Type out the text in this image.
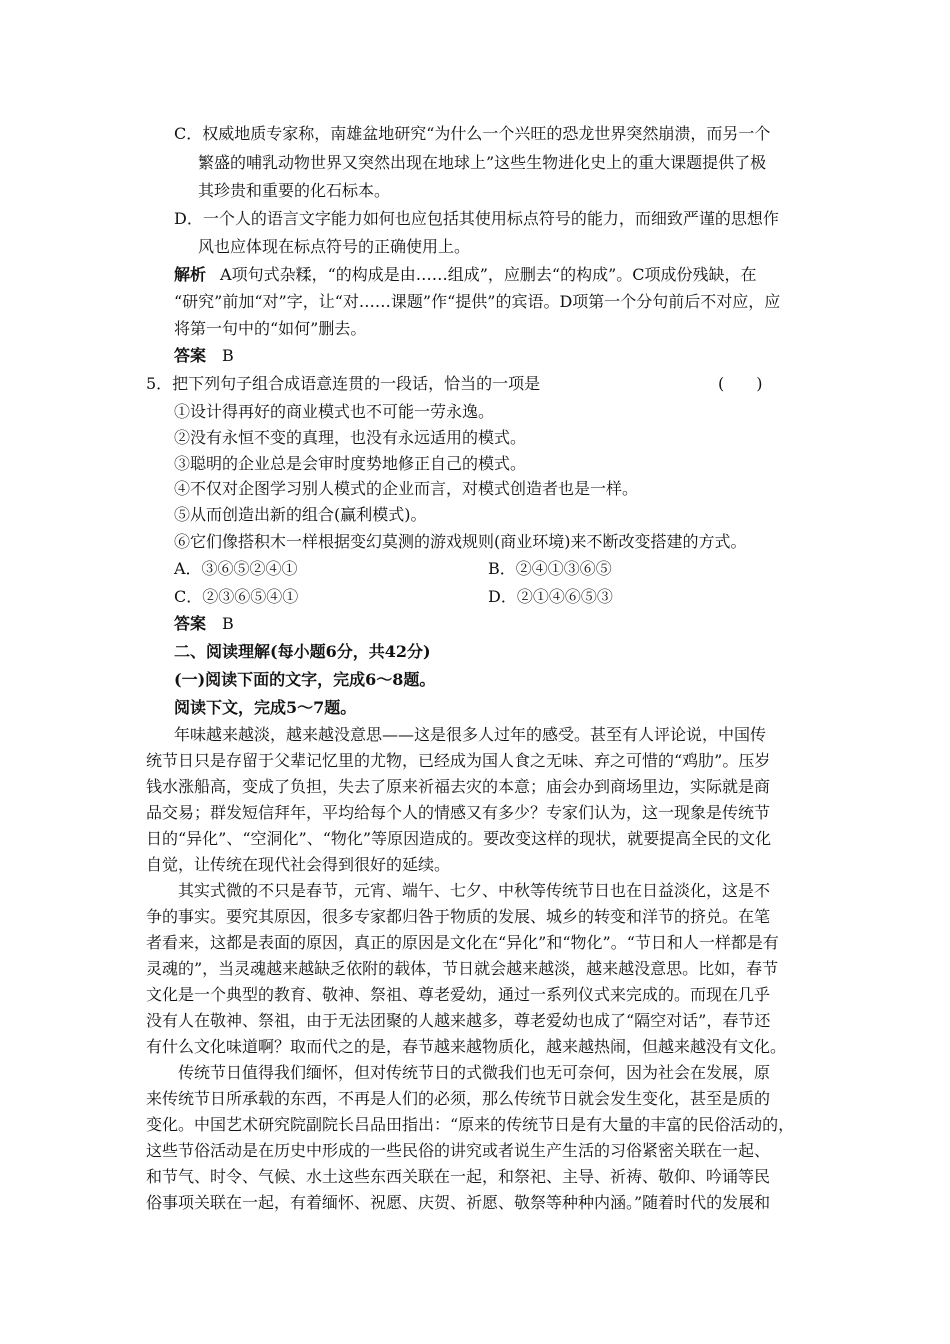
C．权威地质专家称，南雄盆地研究“为什么一个兴旺的恐龙世界突然崩溃，而另一个
繁盛的哺乳动物世界又突然出现在地球上”这些生物进化史上的重大课题提供了极
其珍贵和重要的化石标本。
D．一个人的语言文字能力如何也应包括其使用标点符号的能力，而细致严谨的思想作
风也应体现在标点符号的正确使用上。
解析 A项句式杂糅，“的构成是由……组成”，应删去“的构成”。C项成份残缺，在
“研究”前加“对”字，让“对……课题”作“提供”的宾语。D项第一个分句前后不对应，应
将第一句中的“如何”删去。
答案 B
5．把下列句子组合成语意连贯的一段话，恰当的一项是	(　　)
①设计得再好的商业模式也不可能一劳永逸。
②没有永恒不变的真理，也没有永远适用的模式。
③聪明的企业总是会审时度势地修正自己的模式。
④不仅对企图学习别人模式的企业而言，对模式创造者也是一样。
⑤从而创造出新的组合(赢利模式)。
⑥它们像搭积木一样根据变幻莫测的游戏规则(商业环境)来不断改变搭建的方式。
A．③⑥⑤②④①	B．②④①③⑥⑤
C．②③⑥⑤④①	D．②①④⑥⑤③
答案 B
二、阅读理解(每小题6分，共42分)
(一)阅读下面的文字，完成6～8题。
阅读下文，完成5～7题。
年味越来越淡，越来越没意思——这是很多人过年的感受。甚至有人评论说，中国传
统节日只是存留于父辈记忆里的尤物，已经成为国人食之无味、弃之可惜的“鸡肋”。压岁
钱水涨船高，变成了负担，失去了原来祈福去灾的本意；庙会办到商场里边，实际就是商
品交易；群发短信拜年，平均给每个人的情感又有多少？专家们认为，这一现象是传统节
日的“异化”、“空洞化”、“物化”等原因造成的。要改变这样的现状，就要提高全民的文化
自觉，让传统在现代社会得到很好的延续。
其实式微的不只是春节，元宵、端午、七夕、中秋等传统节日也在日益淡化，这是不
争的事实。要究其原因，很多专家都归咎于物质的发展、城乡的转变和洋节的挤兑。在笔
者看来，这都是表面的原因，真正的原因是文化在“异化”和“物化”。“节日和人一样都是有
灵魂的”，当灵魂越来越缺乏依附的载体，节日就会越来越淡，越来越没意思。比如，春节
文化是一个典型的教育、敬神、祭祖、尊老爱幼，通过一系列仪式来完成的。而现在几乎
没有人在敬神、祭祖，由于无法团聚的人越来越多，尊老爱幼也成了“隔空对话”，春节还
有什么文化味道啊？取而代之的是，春节越来越物质化，越来越热闹，但越来越没有文化。
传统节日值得我们缅怀，但对传统节日的式微我们也无可奈何，因为社会在发展，原
来传统节日所承载的东西，不再是人们的必须，那么传统节日就会发生变化，甚至是质的
变化。中国艺术研究院副院长吕品田指出：“原来的传统节日是有大量的丰富的民俗活动的，
这些节俗活动是在历史中形成的一些民俗的讲究或者说生产生活的习俗紧密关联在一起、
和节气、时令、气候、水土这些东西关联在一起，和祭祀、主导、祈祷、敬仰、吟诵等民
俗事项关联在一起，有着缅怀、祝愿、庆贺、祈愿、敬祭等种种内涵。”随着时代的发展和
